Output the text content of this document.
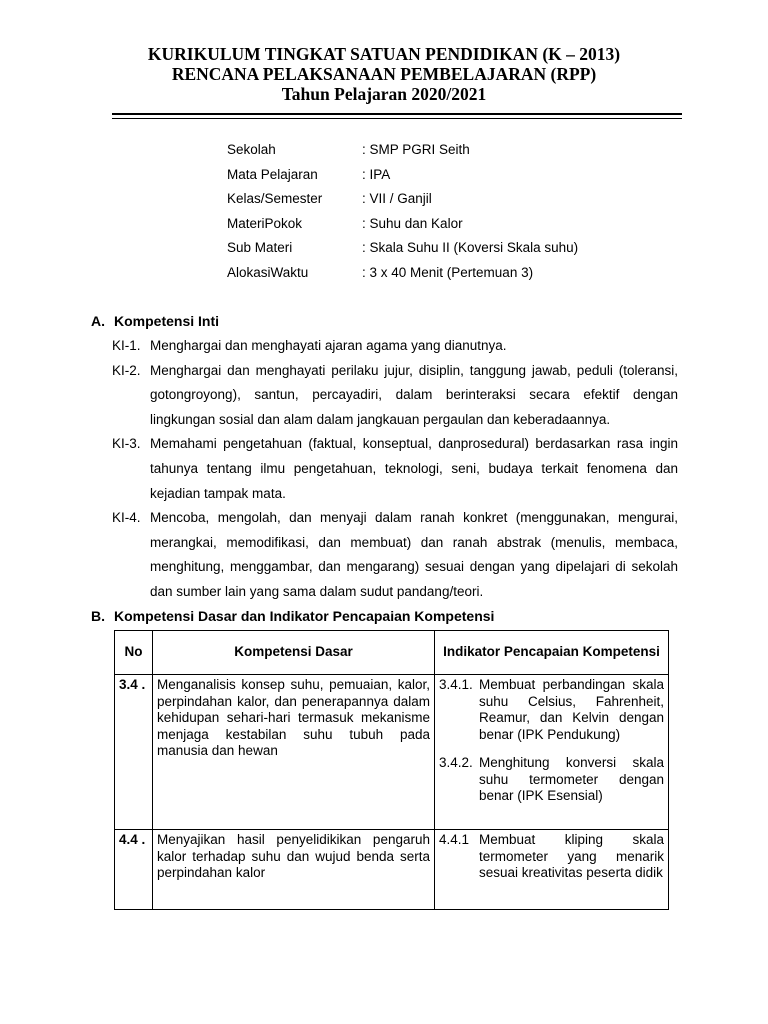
KURIKULUM TINGKAT SATUAN PENDIDIKAN (K – 2013)
RENCANA PELAKSANAAN PEMBELAJARAN (RPP)
Tahun Pelajaran 2020/2021
Sekolah	: SMP PGRI Seith
Mata Pelajaran	: IPA
Kelas/Semester	: VII / Ganjil
MateriPokok	: Suhu dan Kalor
Sub Materi	: Skala Suhu II (Koversi Skala suhu)
AlokasiWaktu	: 3 x 40 Menit (Pertemuan 3)
A. Kompetensi Inti
KI-1. Menghargai dan menghayati ajaran agama yang dianutnya.
KI-2. Menghargai dan menghayati perilaku jujur, disiplin, tanggung jawab, peduli (toleransi, gotongroyong), santun, percayadiri, dalam berinteraksi secara efektif dengan lingkungan sosial dan alam dalam jangkauan pergaulan dan keberadaannya.
KI-3. Memahami pengetahuan (faktual, konseptual, danprosedural) berdasarkan rasa ingin tahunya tentang ilmu pengetahuan, teknologi, seni, budaya terkait fenomena dan kejadian tampak mata.
KI-4. Mencoba, mengolah, dan menyaji dalam ranah konkret (menggunakan, mengurai, merangkai, memodifikasi, dan membuat) dan ranah abstrak (menulis, membaca, menghitung, menggambar, dan mengarang) sesuai dengan yang dipelajari di sekolah dan sumber lain yang sama dalam sudut pandang/teori.
B. Kompetensi Dasar dan Indikator Pencapaian Kompetensi
No	Kompetensi Dasar	Indikator Pencapaian Kompetensi
3.4 .	Menganalisis konsep suhu, pemuaian, kalor, perpindahan kalor, dan penerapannya dalam kehidupan sehari-hari termasuk mekanisme menjaga kestabilan suhu tubuh pada manusia dan hewan	3.4.1. Membuat perbandingan skala suhu Celsius, Fahrenheit, Reamur, dan Kelvin dengan benar (IPK Pendukung)
3.4.2. Menghitung konversi skala suhu termometer dengan benar (IPK Esensial)

4.4 .	Menyajikan hasil penyelidikikan pengaruh kalor terhadap suhu dan wujud benda serta perpindahan kalor	4.4.1 Membuat kliping skala termometer yang menarik sesuai kreativitas peserta didik
